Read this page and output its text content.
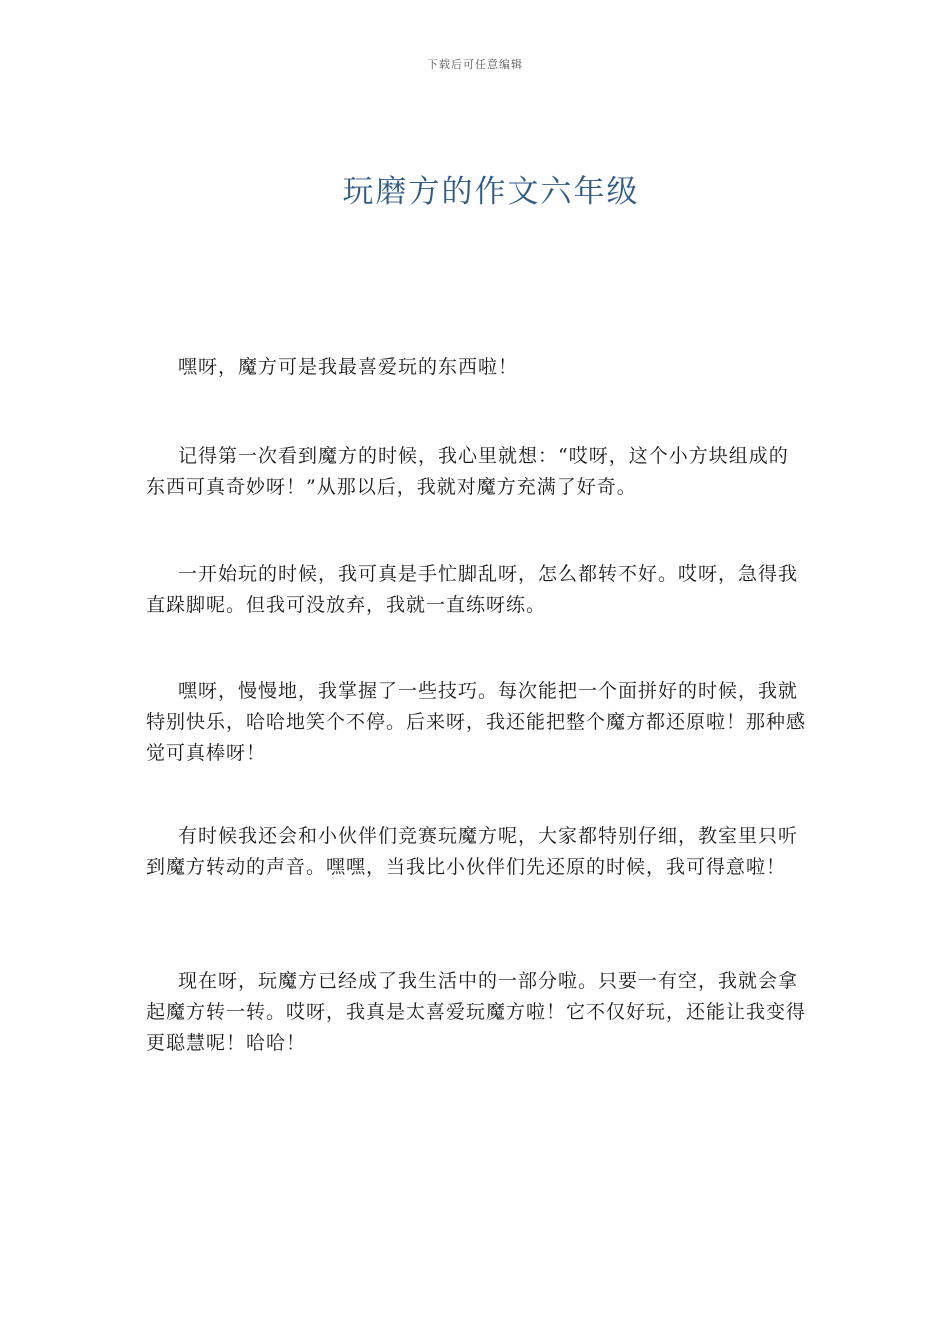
下载后可任意编辑
玩磨方的作文六年级

嘿呀，魔方可是我最喜爱玩的东西啦！

记得第一次看到魔方的时候，我心里就想：“哎呀，这个小方块组成的东西可真奇妙呀！”从那以后，我就对魔方充满了好奇。

一开始玩的时候，我可真是手忙脚乱呀，怎么都转不好。哎呀，急得我直跺脚呢。但我可没放弃，我就一直练呀练。

嘿呀，慢慢地，我掌握了一些技巧。每次能把一个面拼好的时候，我就特别快乐，哈哈地笑个不停。后来呀，我还能把整个魔方都还原啦！那种感觉可真棒呀！

有时候我还会和小伙伴们竞赛玩魔方呢，大家都特别仔细，教室里只听到魔方转动的声音。嘿嘿，当我比小伙伴们先还原的时候，我可得意啦！

现在呀，玩魔方已经成了我生活中的一部分啦。只要一有空，我就会拿起魔方转一转。哎呀，我真是太喜爱玩魔方啦！它不仅好玩，还能让我变得更聪慧呢！哈哈！
